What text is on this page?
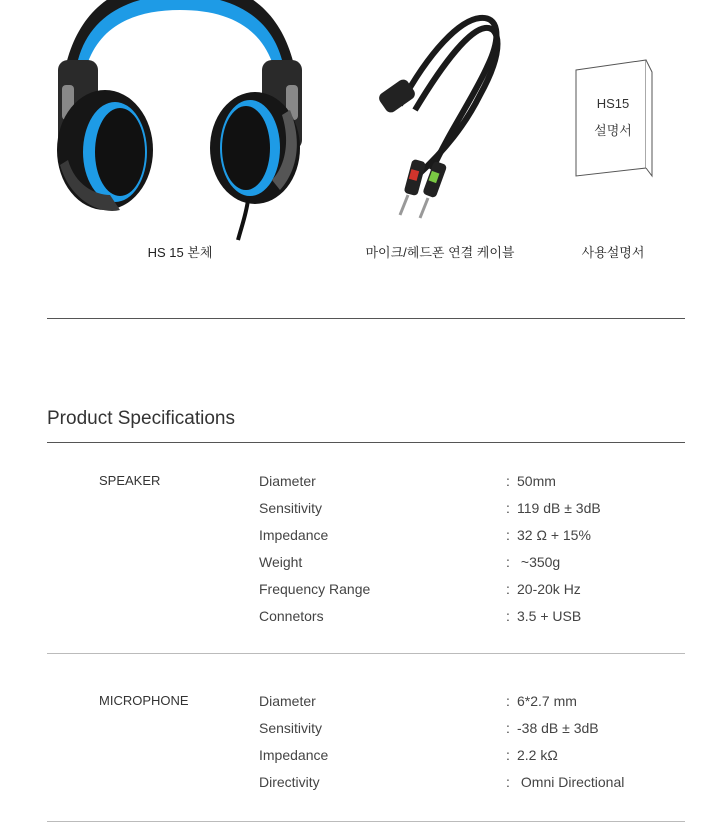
HS15
설명서
HS 15 본체	마이크/헤드폰 연결 케이블	사용설명서
Product Specifications
SPEAKER	Diameter	: 50mm
Sensitivity	: 119 dB ± 3dB
Impedance	: 32 Ω + 15%
Weight	: ~350g
Frequency Range	: 20-20k Hz
Connetors	: 3.5 + USB
MICROPHONE	Diameter	: 6*2.7 mm
Sensitivity	: -38 dB ± 3dB
Impedance	: 2.2 kΩ
Directivity	: Omni Directional
